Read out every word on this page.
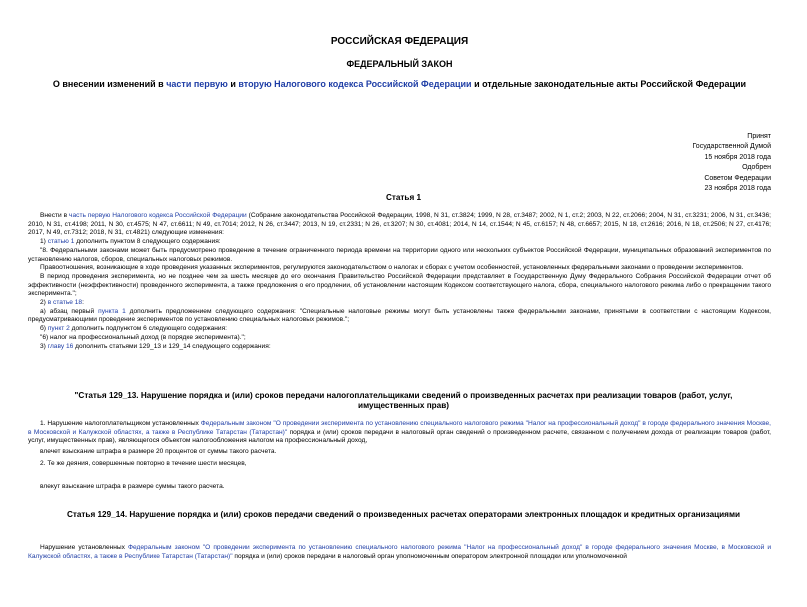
РОССИЙСКАЯ ФЕДЕРАЦИЯ
ФЕДЕРАЛЬНЫЙ ЗАКОН
О внесении изменений в части первую и вторую Налогового кодекса Российской Федерации и отдельные законодательные акты Российской Федерации
Принят
Государственной Думой
15 ноября 2018 года
Одобрен
Советом Федерации
23 ноября 2018 года
Статья 1

Внести в часть первую Налогового кодекса Российской Федерации (Собрание законодательства Российской Федерации, 1998, N 31, ст.3824; 1999, N 28, ст.3487; 2002, N 1, ст.2; 2003, N 22, ст.2066; 2004, N 31, ст.3231; 2006, N 31, ст.3436; 2010, N 31, ст.4198; 2011, N 30, ст.4575; N 47, ст.6611; N 49, ст.7014; 2012, N 26, ст.3447; 2013, N 19, ст.2331; N 26, ст.3207; N 30, ст.4081; 2014, N 14, ст.1544; N 45, ст.6157; N 48, ст.6657; 2015, N 18, ст.2616; 2016, N 18, ст.2506; N 27, ст.4176; 2017, N 49, ст.7312; 2018, N 31, ст.4821) следующие изменения:

1) статью 1 дополнить пунктом 8 следующего содержания:

"8. Федеральными законами может быть предусмотрено проведение в течение ограниченного периода времени на территории одного или нескольких субъектов Российской Федерации, муниципальных образований экспериментов по установлению налогов, сборов, специальных налоговых режимов.

Правоотношения, возникающие в ходе проведения указанных экспериментов, регулируются законодательством о налогах и сборах с учетом особенностей, установленных федеральными законами о проведении экспериментов.

В период проведения эксперимента, но не позднее чем за шесть месяцев до его окончания Правительство Российской Федерации представляет в Государственную Думу Федерального Собрания Российской Федерации отчет об эффективности (неэффективности) проведенного эксперимента, а также предложения о его продлении, об установлении настоящим Кодексом соответствующего налога, сбора, специального налогового режима либо о прекращении такого эксперимента.";

2) в статье 18:

а) абзац первый пункта 1 дополнить предложением следующего содержания: "Специальные налоговые режимы могут быть установлены также федеральными законами, принятыми в соответствии с настоящим Кодексом, предусматривающими проведение экспериментов по установлению специальных налоговых режимов.";

б) пункт 2 дополнить подпунктом 6 следующего содержания:

"6) налог на профессиональный доход (в порядке эксперимента).";

3) главу 16 дополнить статьями 129_13 и 129_14 следующего содержания:

"Статья 129_13. Нарушение порядка и (или) сроков передачи налогоплательщиками сведений о произведенных расчетах при реализации товаров (работ, услуг, имущественных прав)

1. Нарушение налогоплательщиком установленных Федеральным законом "О проведении эксперимента по установлению специального налогового режима "Налог на профессиональный доход" в городе федерального значения Москве, в Московской и Калужской областях, а также в Республике Татарстан (Татарстан)" порядка и (или) сроков передачи в налоговый орган сведений о произведенном расчете, связанном с получением дохода от реализации товаров (работ, услуг, имущественных прав), являющегося объектом налогообложения налогом на профессиональный доход,

влечет взыскание штрафа в размере 20 процентов от суммы такого расчета.

2. Те же деяния, совершенные повторно в течение шести месяцев,

влекут взыскание штрафа в размере суммы такого расчета.

Статья 129_14. Нарушение порядка и (или) сроков передачи сведений о произведенных расчетах операторами электронных площадок и кредитных организациями

Нарушение установленных Федеральным законом "О проведении эксперимента по установлению специального налогового режима "Налог на профессиональный доход" в городе федерального значения Москве, в Московской и Калужской областях, а также в Республике Татарстан (Татарстан)" порядка и (или) сроков передачи в налоговый орган уполномоченным оператором электронной площадки или уполномоченной
